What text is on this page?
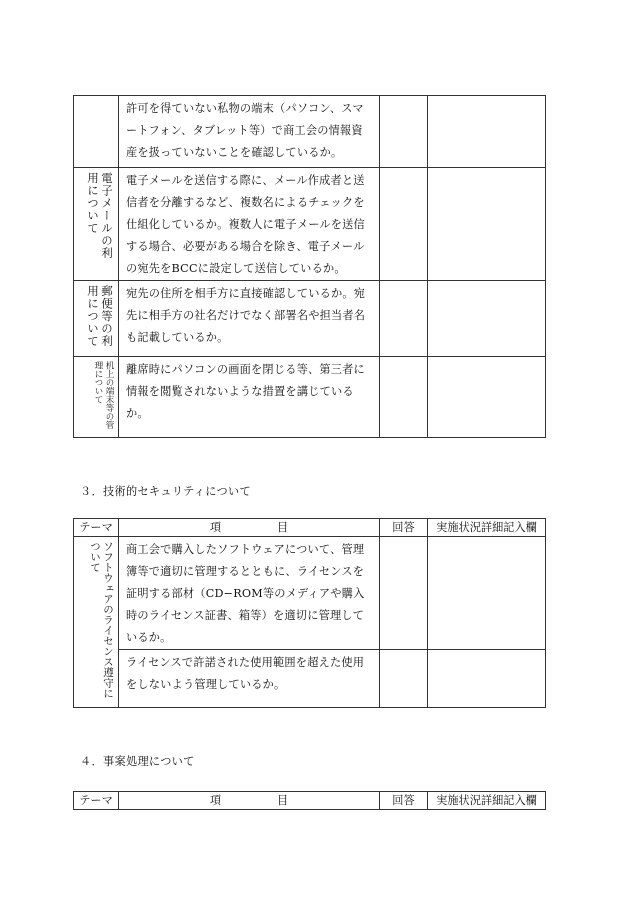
	許可を得ていない私物の端末（パソコン、スマートフォン、タブレット等）で商工会の情報資産を扱っていないことを確認しているか。		

電子メールの利用について	電子メールを送信する際に、メール作成者と送信者を分離するなど、複数名によるチェックを仕組化しているか。複数人に電子メールを送信する場合、必要がある場合を除き、電子メールの宛先をBCCに設定して送信しているか。		

郵便等の利用について	宛先の住所を相手方に直接確認しているか。宛先に相手方の社名だけでなく部署名や担当者名も記載しているか。		

机上の端末等の管理について	離席時にパソコンの画面を閉じる等、第三者に情報を閲覧されないような措置を講じているか。		

３．技術的セキュリティについて
テーマ	項　　　　　目	回答	実施状況詳細記入欄

ソフトウェアのライセンス遵守について	商工会で購入したソフトウェアについて、管理簿等で適切に管理するとともに、ライセンスを証明する部材（CD−ROM等のメディアや購入時のライセンス証書、箱等）を適切に管理しているか。		

	ライセンスで許諾された使用範囲を超えた使用をしないよう管理しているか。		

４．事案処理について
テーマ	項　　　　　目	回答	実施状況詳細記入欄
